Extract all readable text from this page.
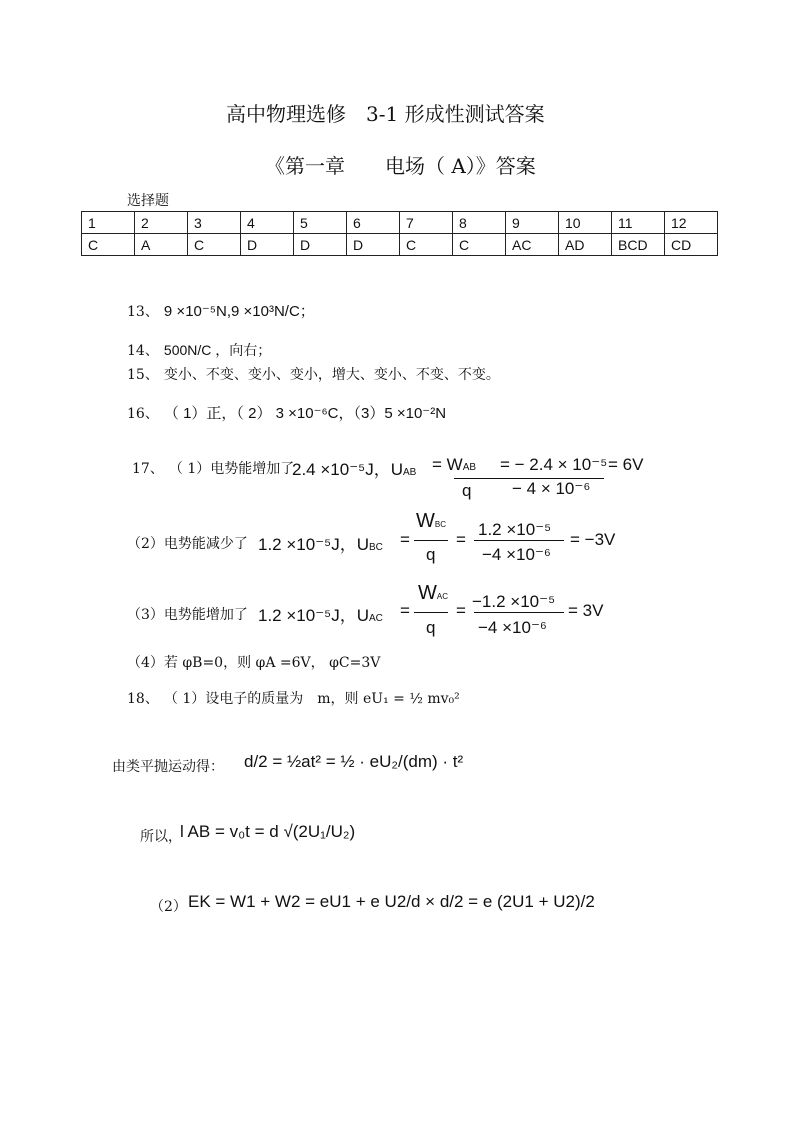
高中物理选修　3-1 形成性测试答案
《第一章　　电场（ A）》答案
选择题
1	2	3	4	5	6	7	8	9	10	11	12
C	A	C	D	D	D	C	C	AC	AD	BCD	CD
13、 9 ×10⁻⁵N,9 ×10³N/C；
14、 500N/C ，向右；
15、 变小、不变、变小、变小，增大、变小、不变、不变。
16、 （ 1）正，（ 2） 3 ×10⁻⁶C，（3）5 ×10⁻²N
17、 （ 1）电势能增加了
2.4 ×10⁻⁵J，UAB = WAB = − 2.4 × 10⁻⁵ = 6V
q − 4 × 10⁻⁶
（2）电势能减少了 1.2 ×10⁻⁵J，UBC =
WBC
q
=
1.2 ×10⁻⁵
−4 ×10⁻⁶
= −3V
（3）电势能增加了 1.2 ×10⁻⁵J，UAC =
WAC
q
= −1.2 ×10⁻⁵
−4 ×10⁻⁶
= 3V
（4）若 φB=0，则 φA =6V， φC=3V
18、 （ 1）设电子的质量为　m，则 eU₁ = ½ mv₀²
由类平抛运动得： d/2 = ½at² = ½ · eU₂/(dm) · t²
所以，
l AB = v₀t = d √(2U₁/U₂)
（2） EK = W1 + W2 = eU1 + e U2/d × d/2 = e (2U1 + U2)/2
